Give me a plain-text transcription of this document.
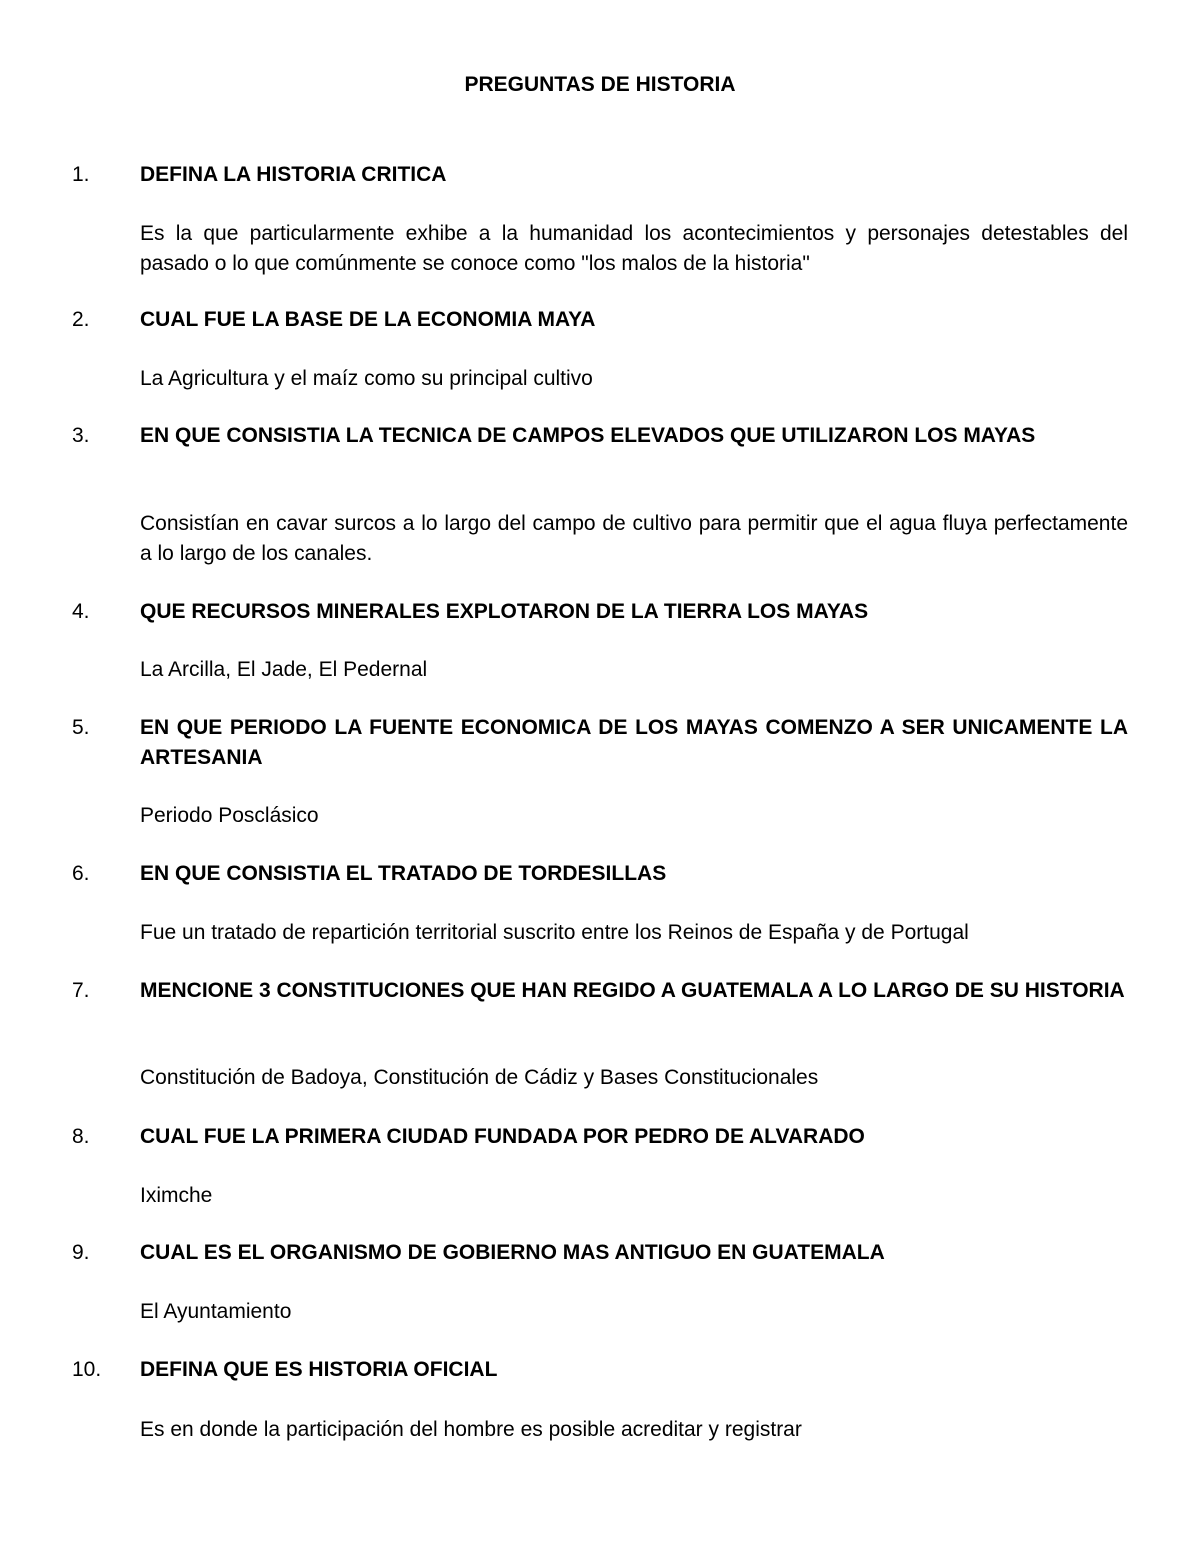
PREGUNTAS DE HISTORIA
1. DEFINA LA HISTORIA CRITICA
Es la que particularmente exhibe a la humanidad los acontecimientos y personajes detestables del pasado o lo que comúnmente se conoce como "los malos de la historia"
2. CUAL FUE LA BASE DE LA ECONOMIA MAYA
La Agricultura y el maíz como su principal cultivo
3. EN QUE CONSISTIA LA TECNICA DE CAMPOS ELEVADOS QUE UTILIZARON LOS MAYAS
Consistían en cavar surcos a lo largo del campo de cultivo para permitir que el agua fluya perfectamente a lo largo de los canales.
4. QUE RECURSOS MINERALES EXPLOTARON DE LA TIERRA LOS MAYAS
La Arcilla, El Jade, El Pedernal
5. EN QUE PERIODO LA FUENTE ECONOMICA DE LOS MAYAS COMENZO A SER UNICAMENTE LA ARTESANIA
Periodo Posclásico
6. EN QUE CONSISTIA EL TRATADO DE TORDESILLAS
Fue un tratado de repartición territorial suscrito entre los Reinos de España y de Portugal
7. MENCIONE 3 CONSTITUCIONES QUE HAN REGIDO A GUATEMALA A LO LARGO DE SU HISTORIA
Constitución de Badoya, Constitución de Cádiz y Bases Constitucionales
8. CUAL FUE LA PRIMERA CIUDAD FUNDADA POR PEDRO DE ALVARADO
Iximche
9. CUAL ES EL ORGANISMO DE GOBIERNO MAS ANTIGUO EN GUATEMALA
El Ayuntamiento
10. DEFINA QUE ES HISTORIA OFICIAL
Es en donde la participación del hombre es posible acreditar y registrar
